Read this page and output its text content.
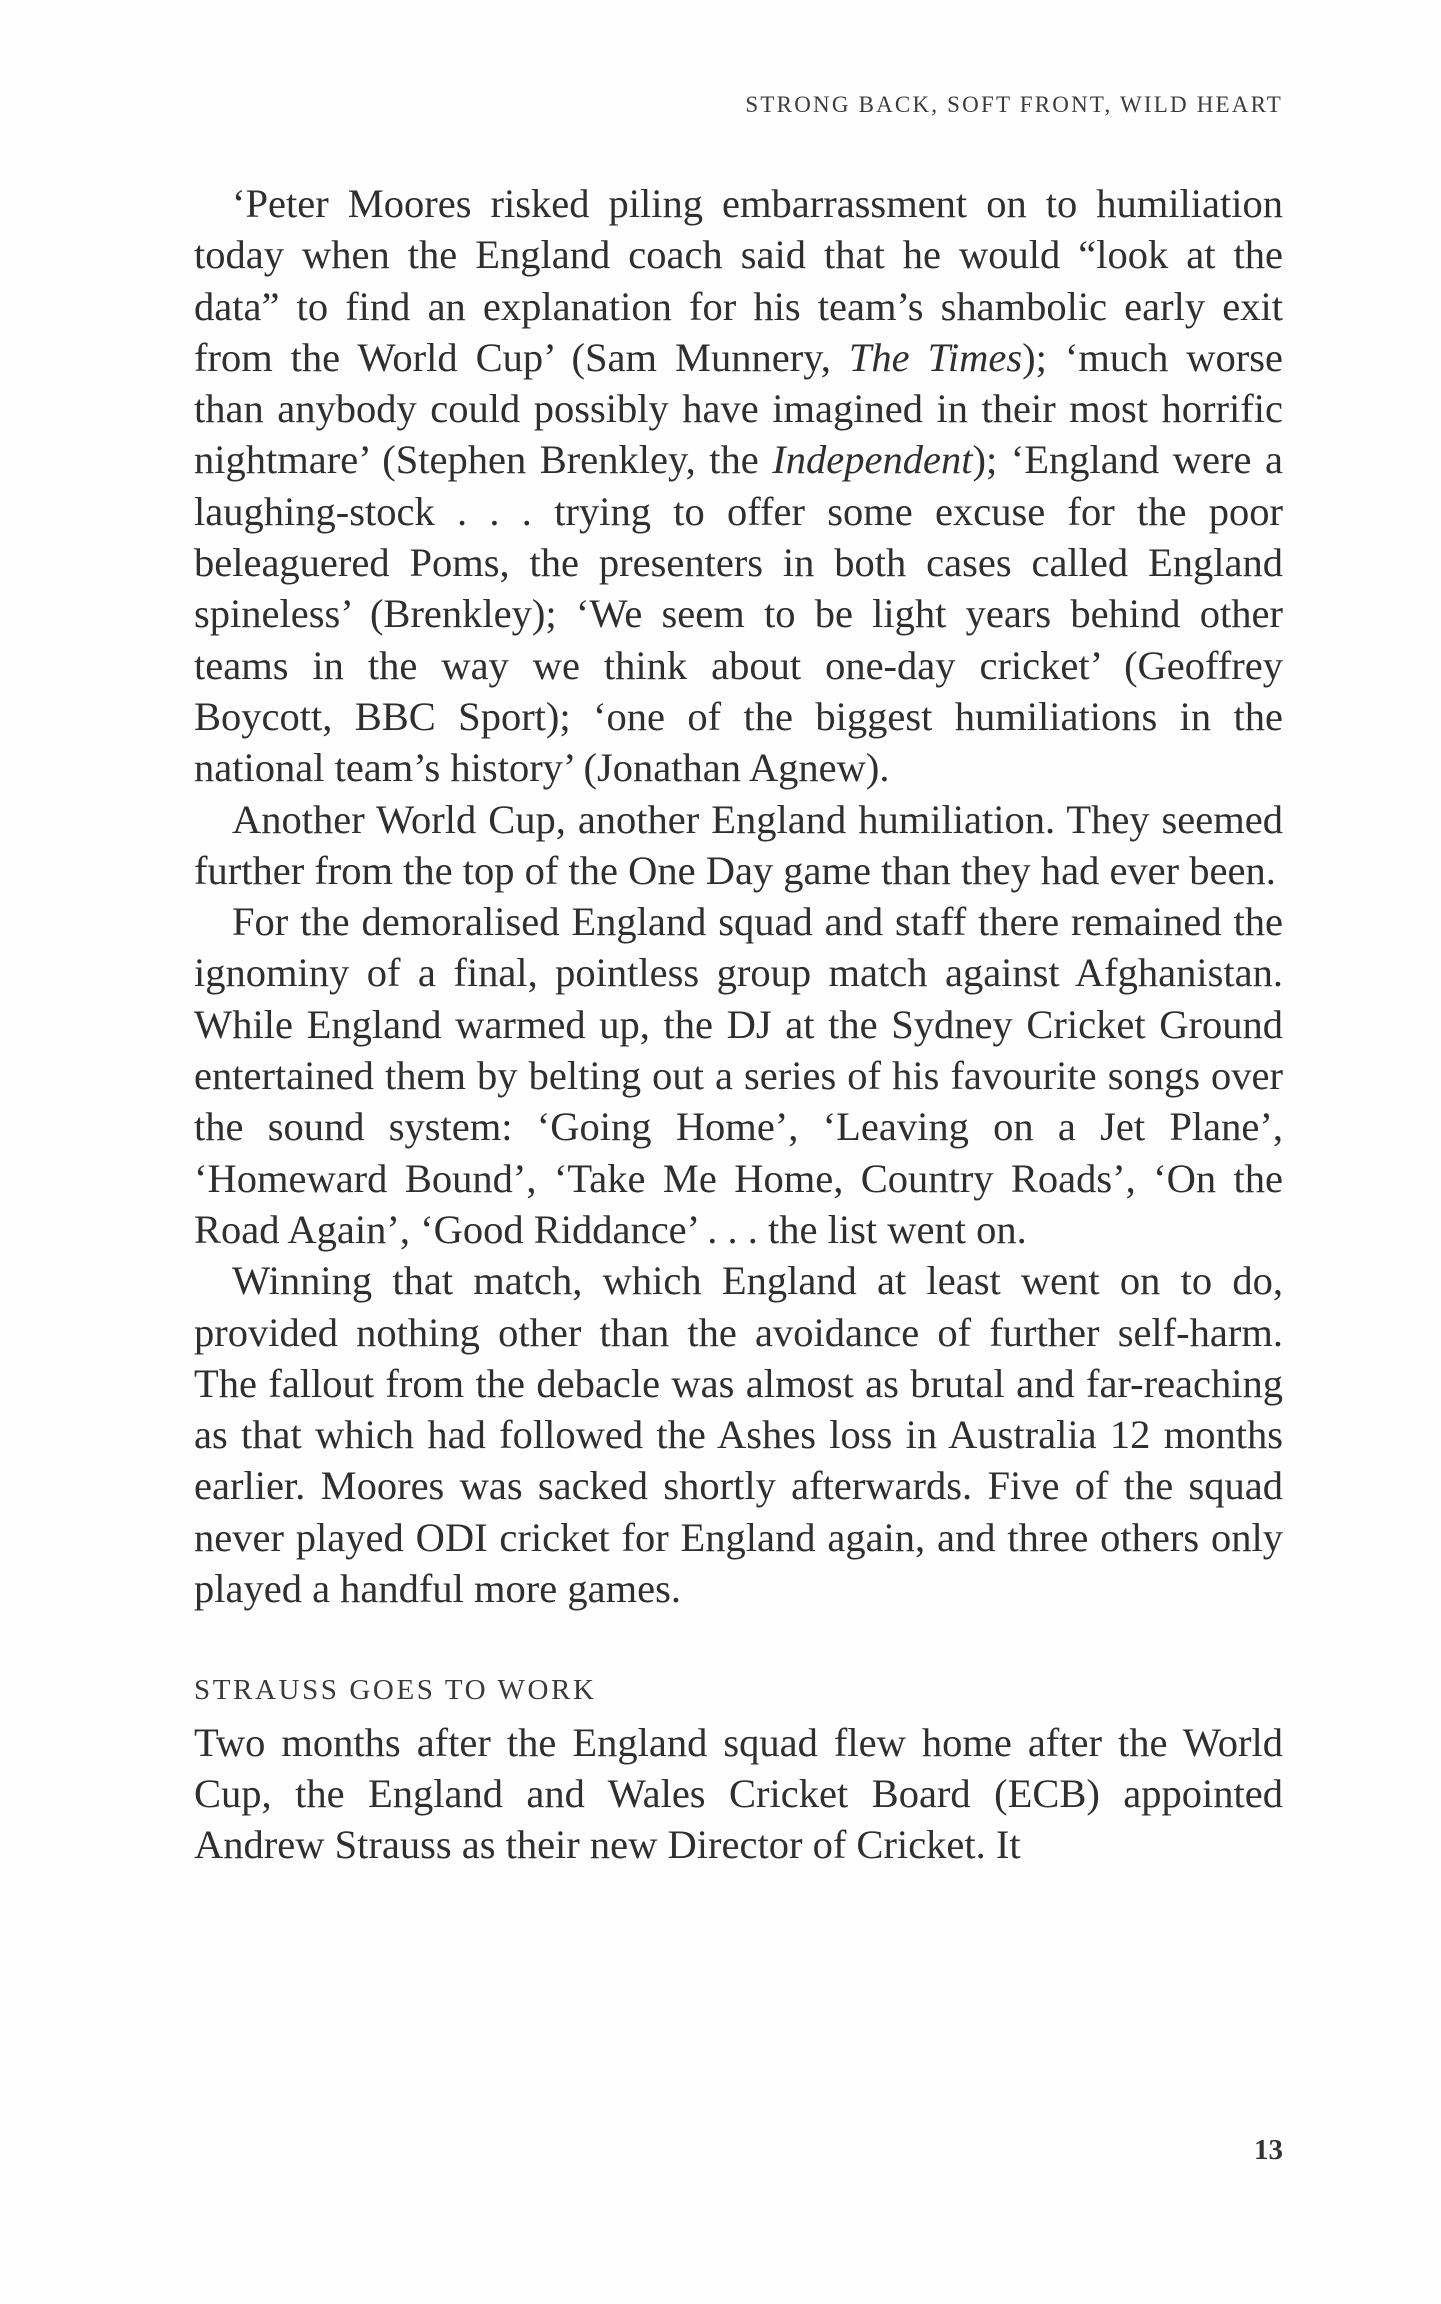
STRONG BACK, SOFT FRONT, WILD HEART

‘Peter Moores risked piling embarrassment on to humiliation today when the England coach said that he would “look at the data” to find an explanation for his team’s shambolic early exit from the World Cup’ (Sam Munnery, The Times); ‘much worse than anybody could possibly have imagined in their most horrific nightmare’ (Stephen Brenkley, the Independent); ‘England were a laughing-stock . . . trying to offer some excuse for the poor beleaguered Poms, the presenters in both cases called England spineless’ (Brenkley); ‘We seem to be light years behind other teams in the way we think about one-day cricket’ (Geoffrey Boycott, BBC Sport); ‘one of the biggest humiliations in the national team’s history’ (Jonathan Agnew).

Another World Cup, another England humiliation. They seemed further from the top of the One Day game than they had ever been.

For the demoralised England squad and staff there remained the ignominy of a final, pointless group match against Afghanistan. While England warmed up, the DJ at the Sydney Cricket Ground entertained them by belting out a series of his favourite songs over the sound system: ‘Going Home’, ‘Leaving on a Jet Plane’, ‘Homeward Bound’, ‘Take Me Home, Country Roads’, ‘On the Road Again’, ‘Good Riddance’ . . . the list went on.

Winning that match, which England at least went on to do, provided nothing other than the avoidance of further self-harm. The fallout from the debacle was almost as brutal and far-reaching as that which had followed the Ashes loss in Australia 12 months earlier. Moores was sacked shortly afterwards. Five of the squad never played ODI cricket for England again, and three others only played a handful more games.

STRAUSS GOES TO WORK

Two months after the England squad flew home after the World Cup, the England and Wales Cricket Board (ECB) appointed Andrew Strauss as their new Director of Cricket. It

13
